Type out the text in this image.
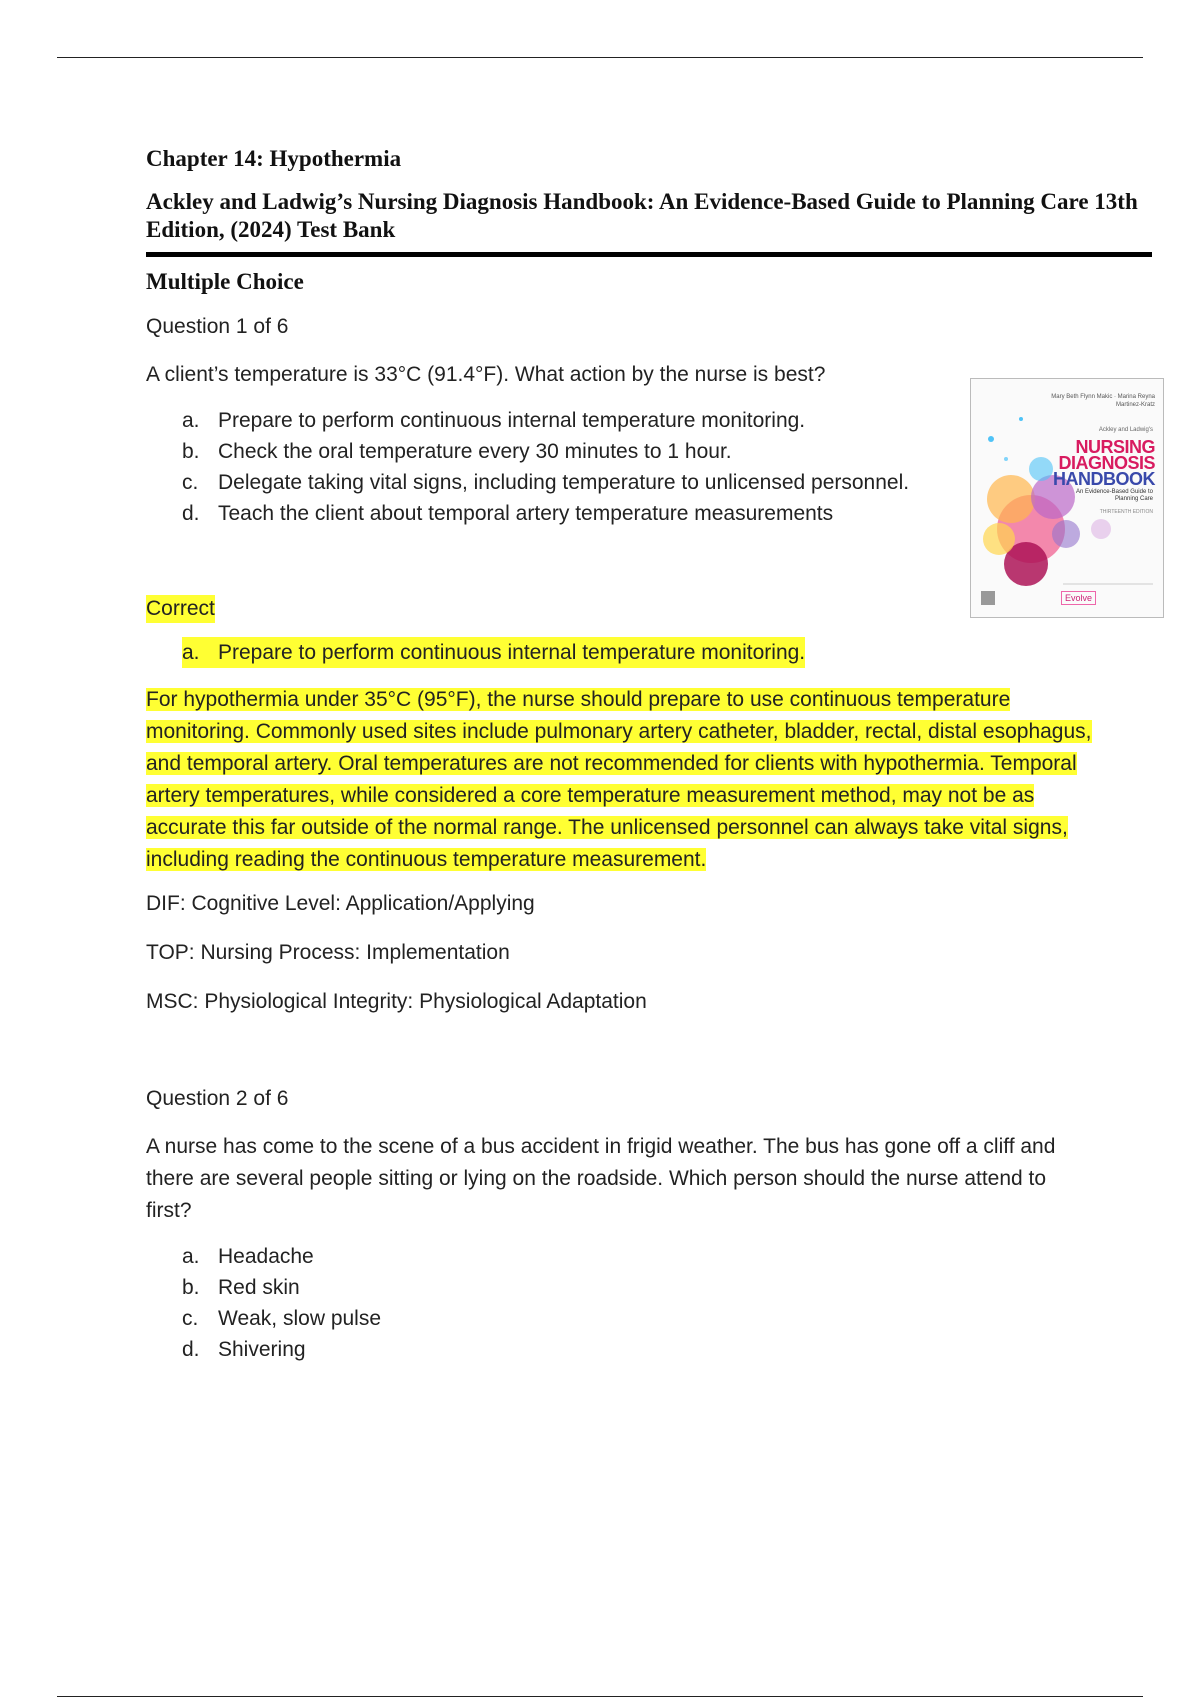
Chapter 14: Hypothermia

Ackley and Ladwig’s Nursing Diagnosis Handbook: An Evidence-Based Guide to Planning Care 13th Edition, (2024) Test Bank

Multiple Choice

Question 1 of 6

A client’s temperature is 33°C (91.4°F). What action by the nurse is best?

a. Prepare to perform continuous internal temperature monitoring.
b. Check the oral temperature every 30 minutes to 1 hour.
c. Delegate taking vital signs, including temperature to unlicensed personnel.
d. Teach the client about temporal artery temperature measurements
Correct
a. Prepare to perform continuous internal temperature monitoring.

For hypothermia under 35°C (95°F), the nurse should prepare to use continuous temperature monitoring. Commonly used sites include pulmonary artery catheter, bladder, rectal, distal esophagus, and temporal artery. Oral temperatures are not recommended for clients with hypothermia. Temporal artery temperatures, while considered a core temperature measurement method, may not be as accurate this far outside of the normal range. The unlicensed personnel can always take vital signs, including reading the continuous temperature measurement.

DIF: Cognitive Level: Application/Applying

TOP: Nursing Process: Implementation

MSC: Physiological Integrity: Physiological Adaptation

Question 2 of 6

A nurse has come to the scene of a bus accident in frigid weather. The bus has gone off a cliff and there are several people sitting or lying on the roadside. Which person should the nurse attend to first?

a. Headache
b. Red skin
c. Weak, slow pulse
d. Shivering
Mary Beth Flynn Makic · Marina Reyna Martinez-Kratz
Ackley and Ladwig's
NURSING
DIAGNOSIS
HANDBOOK
An Evidence-Based Guide to Planning Care
THIRTEENTH EDITION
Evolve
